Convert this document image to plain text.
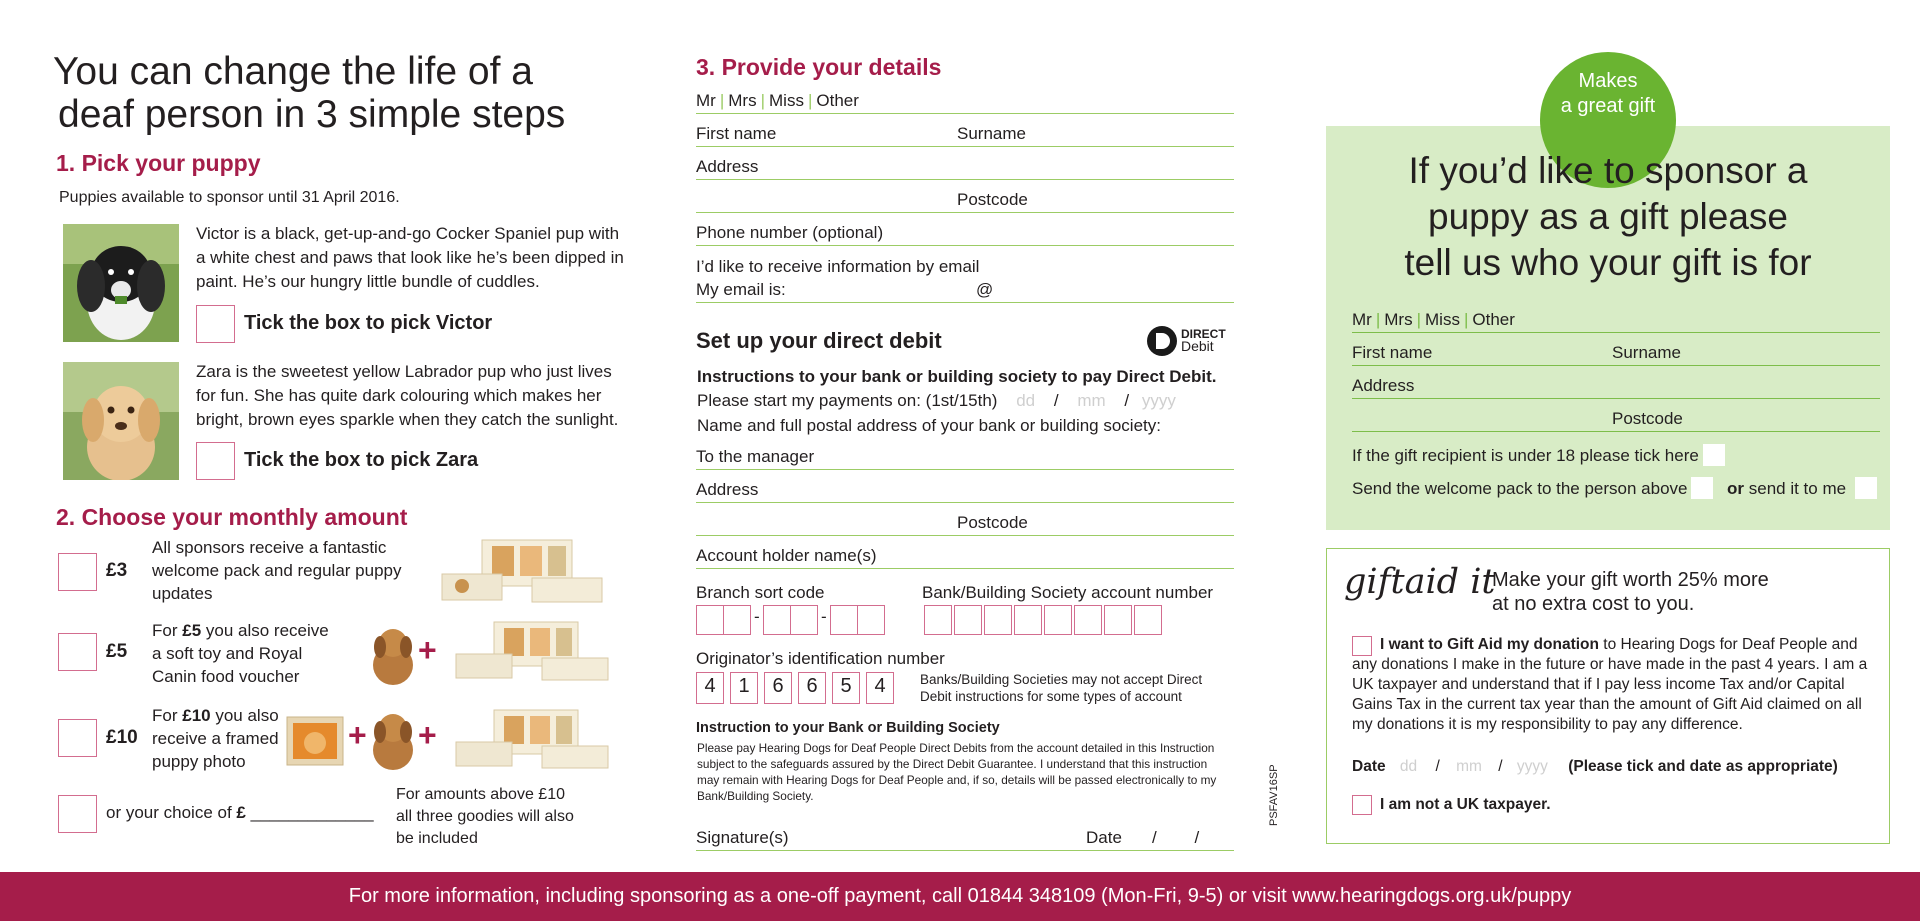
You can change the life of a
deaf person in 3 simple steps
1. Pick your puppy
Puppies available to sponsor until 31 April 2016.
Victor is a black, get-up-and-go Cocker Spaniel pup with a white chest and paws that look like he’s been dipped in paint. He’s our hungry little bundle of cuddles.
Tick the box to pick Victor
Zara is the sweetest yellow Labrador pup who just lives for fun. She has quite dark colouring which makes her bright, brown eyes sparkle when they catch the sunlight.
Tick the box to pick Zara
2. Choose your monthly amount
£3
All sponsors receive a fantastic welcome pack and regular puppy updates
£5
For £5 you also receive a soft toy and Royal Canin food voucher
+
£10
For £10 you also receive a framed puppy photo
+ +
or your choice of £ _____________
For amounts above £10 all three goodies will also be included
3. Provide your details
Mr | Mrs | Miss | Other
First name	Surname
Address
Postcode
Phone number (optional)
I’d like to receive information by email
My email is:	@
Set up your direct debit	DIRECT
Debit
Instructions to your bank or building society to pay Direct Debit.
Please start my payments on: (1st/15th) dd / mm / yyyy
Name and full postal address of your bank or building society:
To the manager
Address
Postcode
Account holder name(s)
Branch sort code	Bank/Building Society account number
-	-
Originator’s identification number
4	1	6	6	5	4	Banks/Building Societies may not accept Direct Debit instructions for some types of account
Instruction to your Bank or Building Society
Please pay Hearing Dogs for Deaf People Direct Debits from the account detailed in this Instruction subject to the safeguards assured by the Direct Debit Guarantee. I understand that this instruction may remain with Hearing Dogs for Deaf People and, if so, details will be passed electronically to my Bank/Building Society.
Signature(s)	Date /        /
PSFAV16SP
Makes
a great gift
If you’d like to sponsor a
puppy as a gift please
tell us who your gift is for
Mr | Mrs | Miss | Other
First name	Surname
Address
Postcode
If the gift recipient is under 18 please tick here
Send the welcome pack to the person above or send it to me
giftaid it
Make your gift worth 25% more
at no extra cost to you.
I want to Gift Aid my donation to Hearing Dogs for Deaf People and any donations I make in the future or have made in the past 4 years. I am a UK taxpayer and understand that if I pay less income Tax and/or Capital Gains Tax in the current tax year than the amount of Gift Aid claimed on all my donations it is my responsibility to pay any difference.
Date dd / mm / yyyy (Please tick and date as appropriate)
I am not a UK taxpayer.
For more information, including sponsoring as a one-off payment, call 01844 348109 (Mon-Fri, 9-5) or visit www.hearingdogs.org.uk/puppy
